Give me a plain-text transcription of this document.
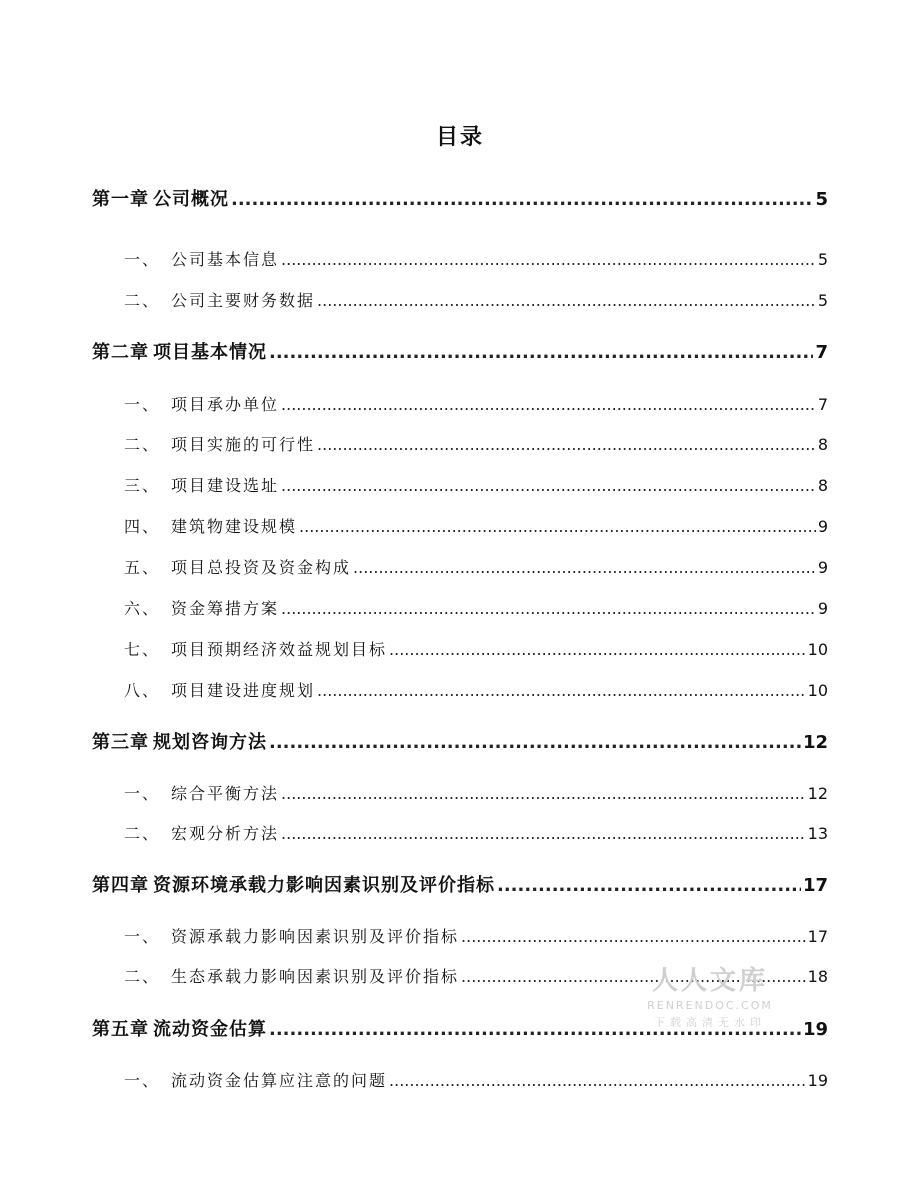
目录
第一章 公司概况 .....	5
一、 公司基本信息 .....	5
二、 公司主要财务数据 .....	5
第二章 项目基本情况 .....	7
一、 项目承办单位 .....	7
二、 项目实施的可行性 .....	8
三、 项目建设选址 .....	8
四、 建筑物建设规模 .....	9
五、 项目总投资及资金构成 .....	9
六、 资金筹措方案 .....	9
七、 项目预期经济效益规划目标 .....	10
八、 项目建设进度规划 .....	10
第三章 规划咨询方法 .....	12
一、 综合平衡方法 .....	12
二、 宏观分析方法 .....	13
第四章 资源环境承载力影响因素识别及评价指标 .....	17
一、 资源承载力影响因素识别及评价指标 .....	17
二、 生态承载力影响因素识别及评价指标 .....	18
第五章 流动资金估算 .....	19
一、 流动资金估算应注意的问题 .....	19
人人文库
RENRENDOC.COM
下载高清无水印
